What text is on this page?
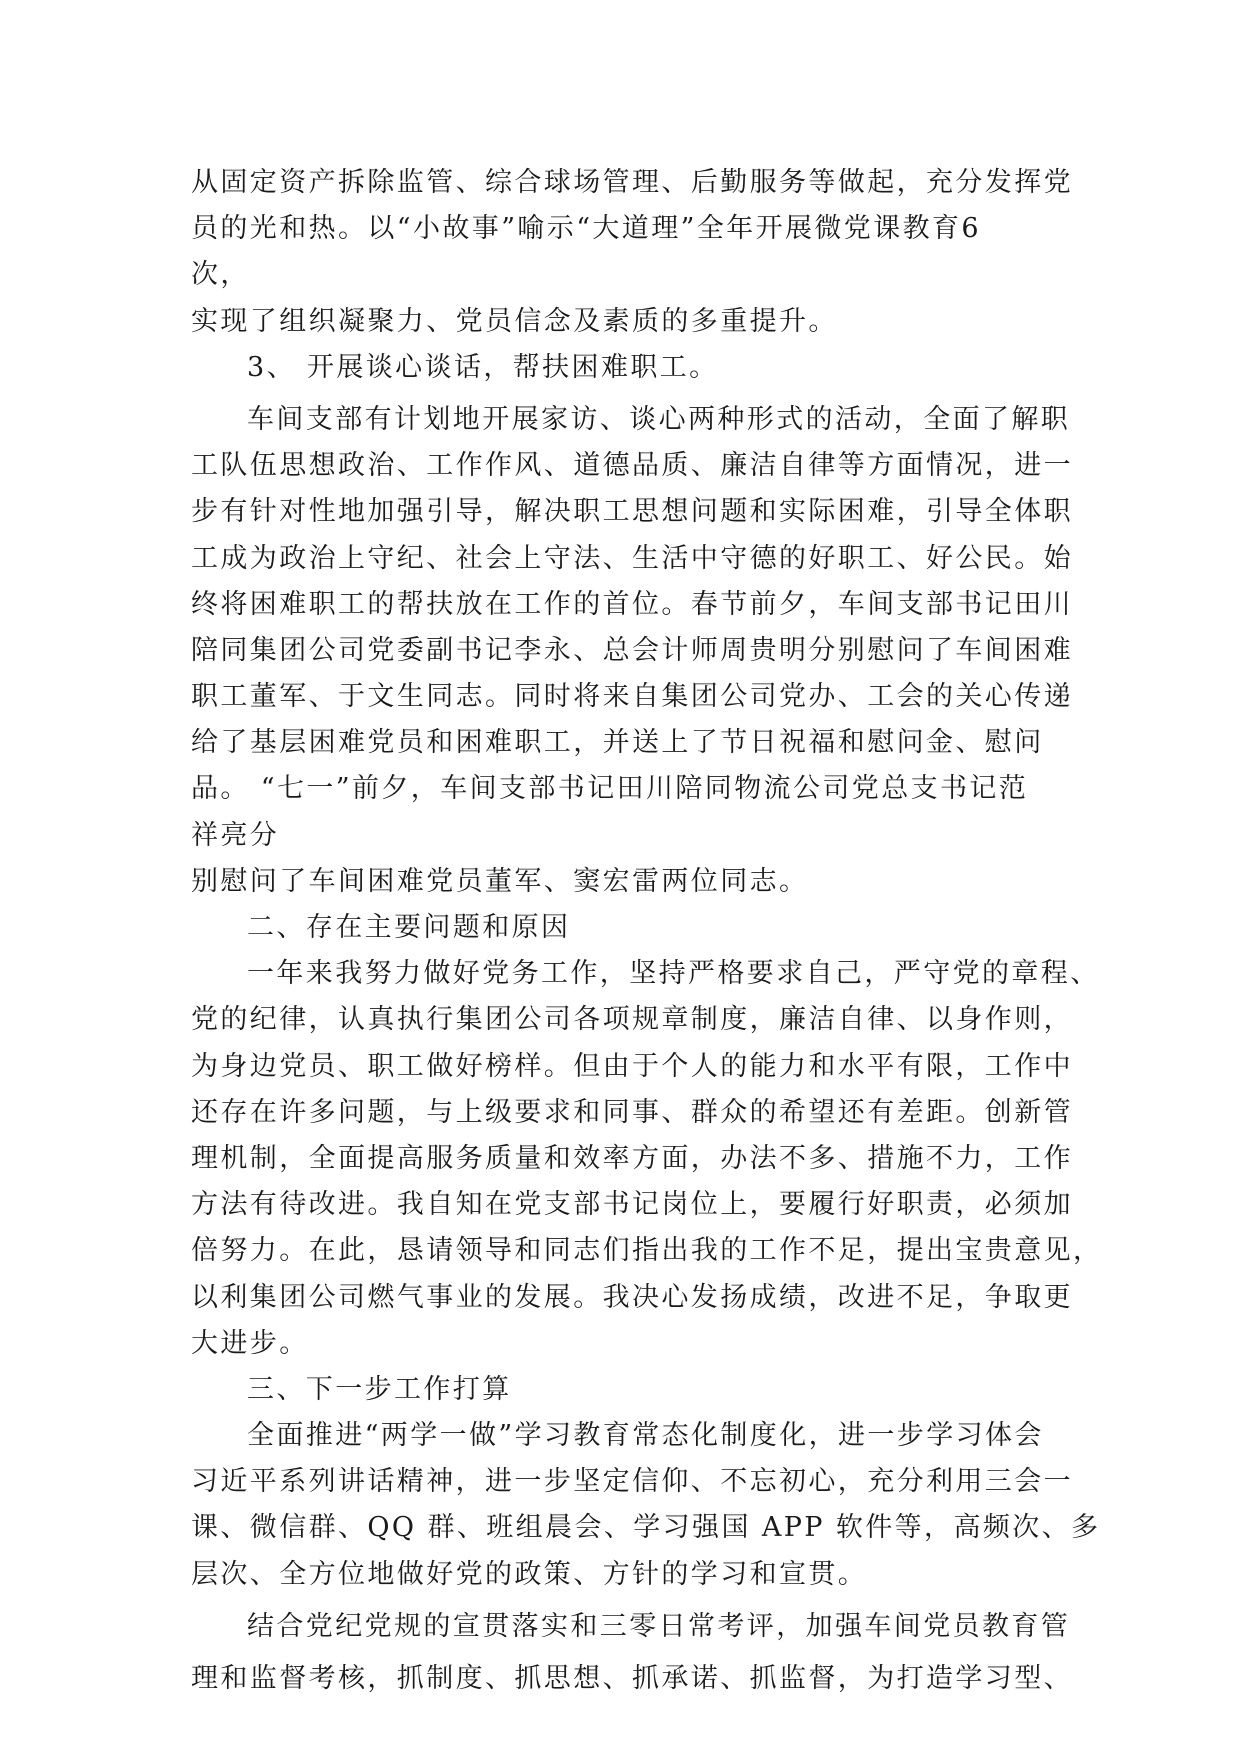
从固定资产拆除监管、综合球场管理、后勤服务等做起，充分发挥党
员的光和热。以“小故事”喻示“大道理”全年开展微党课教育6
次，
实现了组织凝聚力、党员信念及素质的多重提升。
3、 开展谈心谈话，帮扶困难职工。
车间支部有计划地开展家访、谈心两种形式的活动，全面了解职
工队伍思想政治、工作作风、道德品质、廉洁自律等方面情况，进一
步有针对性地加强引导，解决职工思想问题和实际困难，引导全体职
工成为政治上守纪、社会上守法、生活中守德的好职工、好公民。始
终将困难职工的帮扶放在工作的首位。春节前夕，车间支部书记田川
陪同集团公司党委副书记李永、总会计师周贵明分别慰问了车间困难
职工董军、于文生同志。同时将来自集团公司党办、工会的关心传递
给了基层困难党员和困难职工，并送上了节日祝福和慰问金、慰问
品。 “七一”前夕，车间支部书记田川陪同物流公司党总支书记范
祥亮分
别慰问了车间困难党员董军、窦宏雷两位同志。
二、存在主要问题和原因
一年来我努力做好党务工作，坚持严格要求自己，严守党的章程、
党的纪律，认真执行集团公司各项规章制度，廉洁自律、以身作则，
为身边党员、职工做好榜样。但由于个人的能力和水平有限，工作中
还存在许多问题，与上级要求和同事、群众的希望还有差距。创新管
理机制，全面提高服务质量和效率方面，办法不多、措施不力，工作
方法有待改进。我自知在党支部书记岗位上，要履行好职责，必须加
倍努力。在此，恳请领导和同志们指出我的工作不足，提出宝贵意见，
以利集团公司燃气事业的发展。我决心发扬成绩，改进不足，争取更
大进步。
三、下一步工作打算
全面推进“两学一做”学习教育常态化制度化，进一步学习体会
习近平系列讲话精神，进一步坚定信仰、不忘初心，充分利用三会一
课、微信群、QQ 群、班组晨会、学习强国 APP 软件等，高频次、多
层次、全方位地做好党的政策、方针的学习和宣贯。
结合党纪党规的宣贯落实和三零日常考评，加强车间党员教育管
理和监督考核，抓制度、抓思想、抓承诺、抓监督，为打造学习型、
